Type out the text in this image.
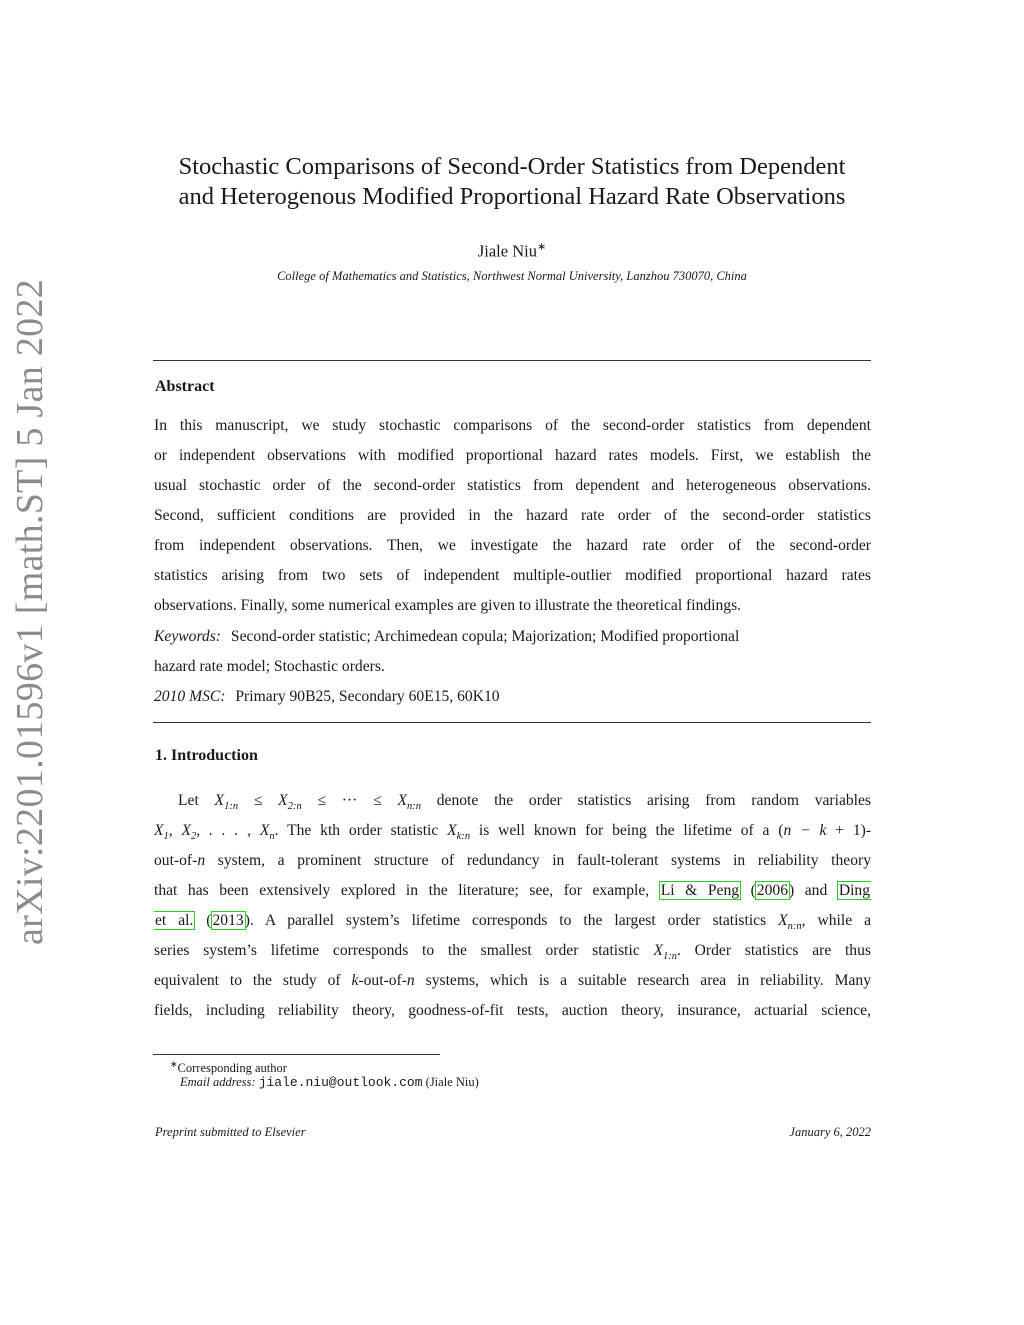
arXiv:2201.01596v1 [math.ST] 5 Jan 2022
Stochastic Comparisons of Second-Order Statistics from Dependent
and Heterogenous Modified Proportional Hazard Rate Observations
Jiale Niu∗
College of Mathematics and Statistics, Northwest Normal University, Lanzhou 730070, China
Abstract
In this manuscript, we study stochastic comparisons of the second-order statistics from dependent
or independent observations with modified proportional hazard rates models. First, we establish the
usual stochastic order of the second-order statistics from dependent and heterogeneous observations.
Second, sufficient conditions are provided in the hazard rate order of the second-order statistics
from independent observations. Then, we investigate the hazard rate order of the second-order
statistics arising from two sets of independent multiple-outlier modified proportional hazard rates
observations. Finally, some numerical examples are given to illustrate the theoretical findings.
Keywords: Second-order statistic; Archimedean copula; Majorization; Modified proportional
hazard rate model; Stochastic orders.
2010 MSC: Primary 90B25, Secondary 60E15, 60K10
1. Introduction
Let $X_{1:n} \le X_{2:n}$ ≤ ··· ≤ $X_{n:n}$ denote the order statistics arising from random variables
$X_1$, $X_2$, . . . , $X_n$. The kth order statistic $X_{k:n}$ is well known for being the lifetime of a (n − k + 1)-
out-of-n system, a prominent structure of redundancy in fault-tolerant systems in reliability theory
that has been extensively explored in the literature; see, for example, Li & Peng (2006) and Ding
et al. (2013). A parallel system’s lifetime corresponds to the largest order statistics $X_{n:n}$, while a
series system’s lifetime corresponds to the smallest order statistic $X_{1:n}$. Order statistics are thus
equivalent to the study of k-out-of-n systems, which is a suitable research area in reliability. Many
fields, including reliability theory, goodness-of-fit tests, auction theory, insurance, actuarial science,
∗Corresponding author
Email address: jiale.niu@outlook.com (Jiale Niu)
Preprint submitted to Elsevier	January 6, 2022
